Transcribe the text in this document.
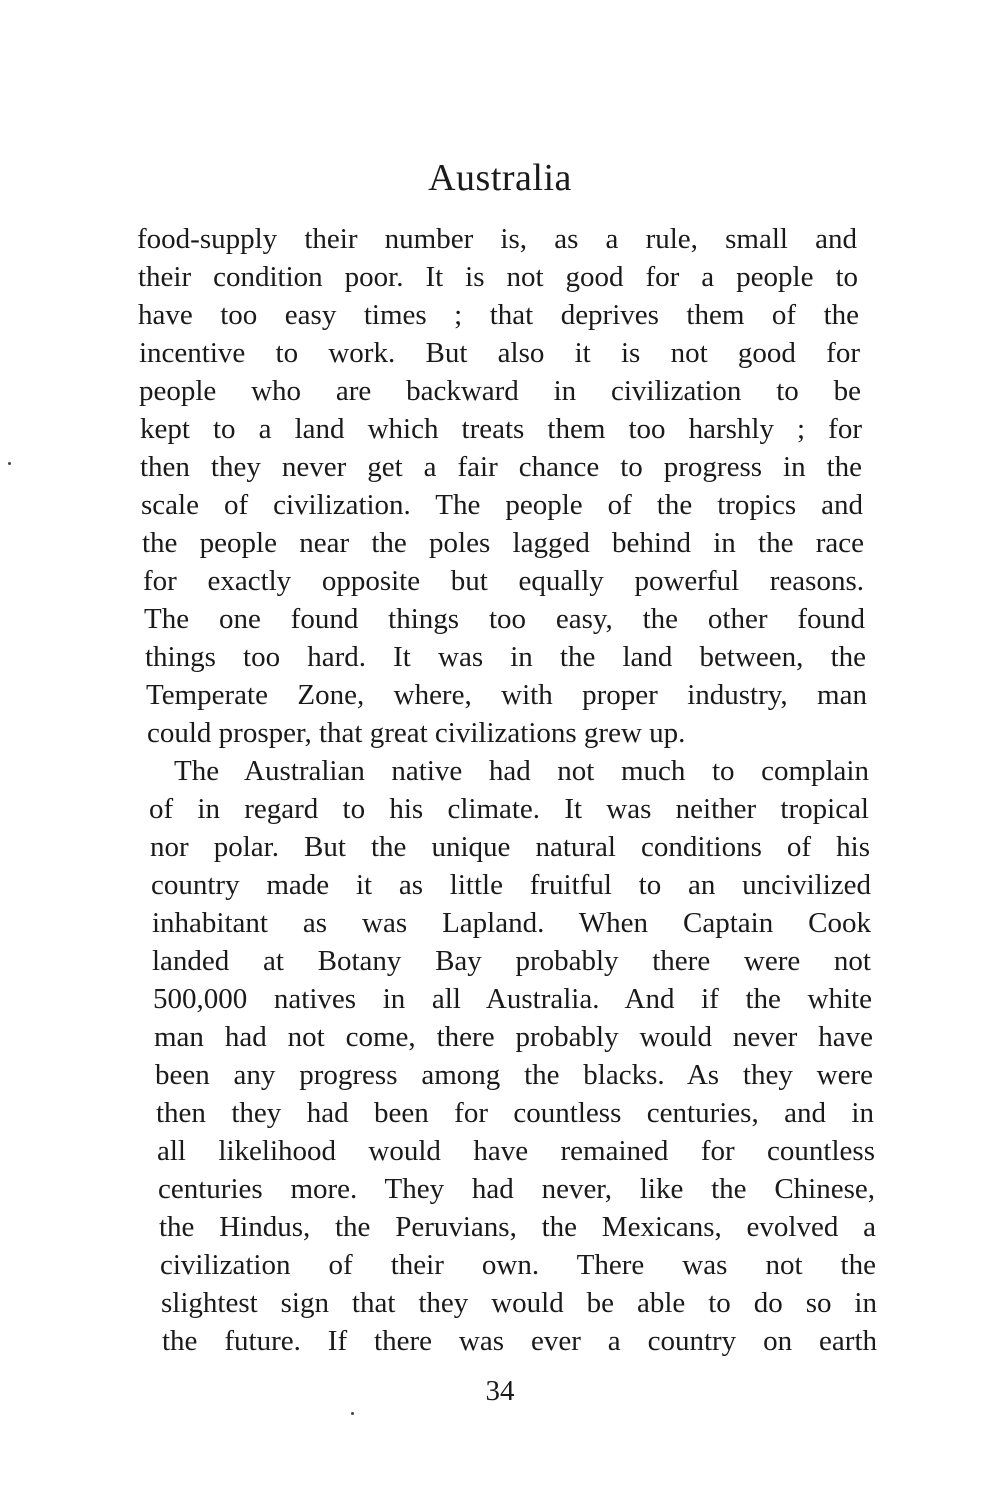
Australia
food-supply their number is, as a rule, small and
their condition poor. It is not good for a people to
have too easy times ; that deprives them of the
incentive to work. But also it is not good for
people who are backward in civilization to be
kept to a land which treats them too harshly ; for
then they never get a fair chance to progress in the
scale of civilization. The people of the tropics and
the people near the poles lagged behind in the race
for exactly opposite but equally powerful reasons.
The one found things too easy, the other found
things too hard. It was in the land between, the
Temperate Zone, where, with proper industry, man
could prosper, that great civilizations grew up.
The Australian native had not much to complain
of in regard to his climate. It was neither tropical
nor polar. But the unique natural conditions of his
country made it as little fruitful to an uncivilized
inhabitant as was Lapland. When Captain Cook
landed at Botany Bay probably there were not
500,000 natives in all Australia. And if the white
man had not come, there probably would never have
been any progress among the blacks. As they were
then they had been for countless centuries, and in
all likelihood would have remained for countless
centuries more. They had never, like the Chinese,
the Hindus, the Peruvians, the Mexicans, evolved a
civilization of their own. There was not the
slightest sign that they would be able to do so in
the future. If there was ever a country on earth
34
